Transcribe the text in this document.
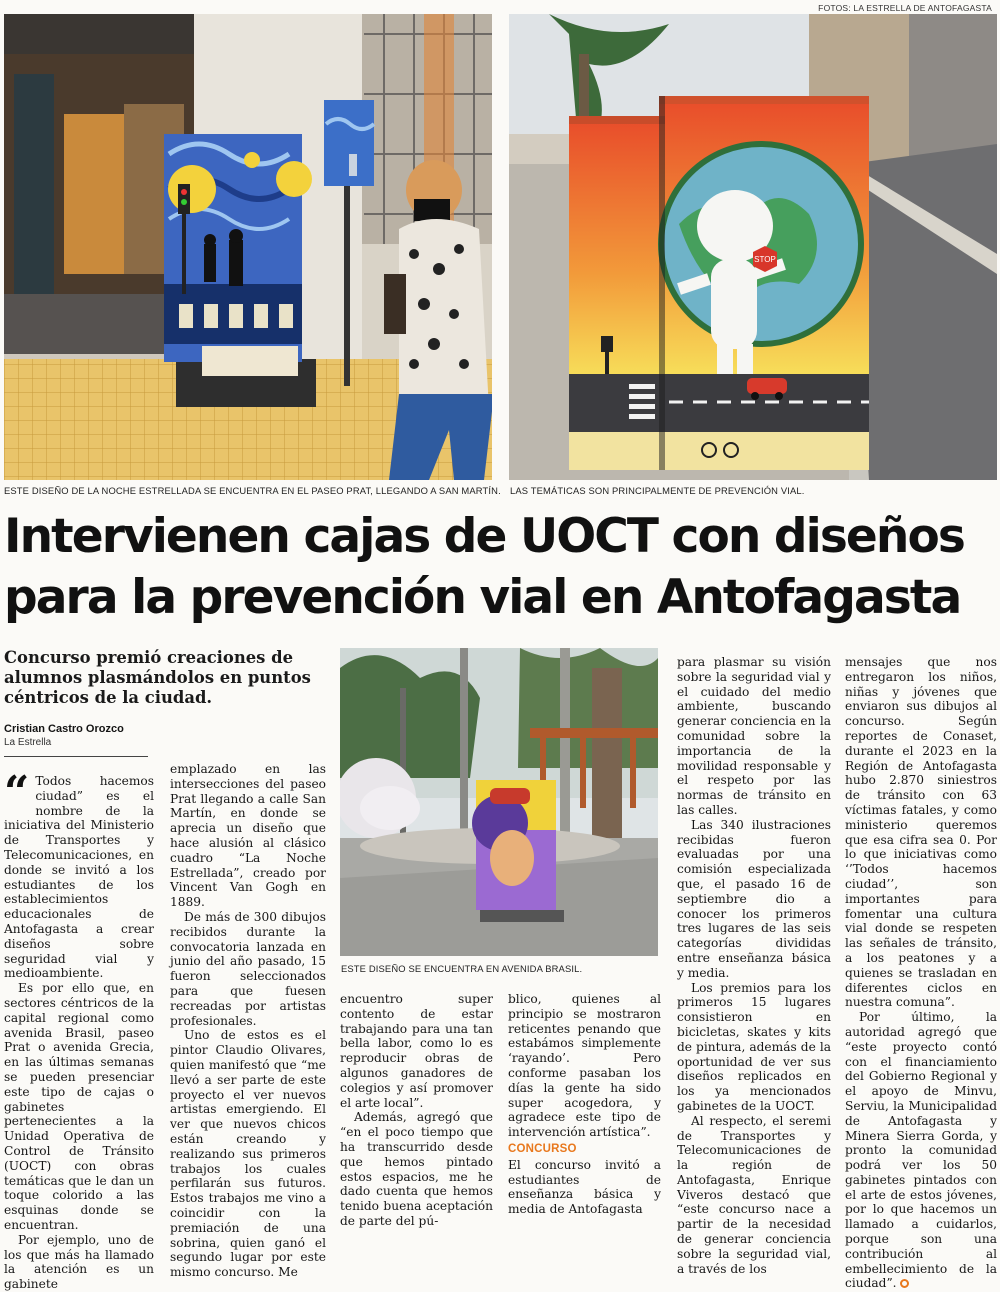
FOTOS: LA ESTRELLA DE ANTOFAGASTA
ESTE DISEÑO DE LA NOCHE ESTRELLADA SE ENCUENTRA EN EL PASEO PRAT, LLEGANDO A SAN MARTÍN.
STOP
LAS TEMÁTICAS SON PRINCIPALMENTE DE PREVENCIÓN VIAL.
Intervienen cajas de UOCT con diseños
para la prevención vial en Antofagasta
Concurso premió creaciones de alumnos plasmándolos en puntos céntricos de la ciudad.
Cristian Castro Orozco
La Estrella
ESTE DISEÑO SE ENCUENTRA EN AVENIDA BRASIL.

“ Todos hacemos ciudad” es el nombre de la iniciativa del Ministerio de Transportes y Telecomunicaciones, en donde se invitó a los estudiantes de los establecimientos educacionales de Antofagasta a crear diseños sobre seguridad vial y medioambiente.

Es por ello que, en sectores céntricos de la capital regional como avenida Brasil, paseo Prat o avenida Grecia, en las últimas semanas se pueden presenciar este tipo de cajas o gabinetes pertenecientes a la Unidad Operativa de Control de Tránsito (UOCT) con obras temáticas que le dan un toque colorido a las esquinas donde se encuentran.

Por ejemplo, uno de los que más ha llamado la atención es un gabinete

emplazado en las intersecciones del paseo Prat llegando a calle San Martín, en donde se aprecia un diseño que hace alusión al clásico cuadro “La Noche Estrellada”, creado por Vincent Van Gogh en 1889.

De más de 300 dibujos recibidos durante la convocatoria lanzada en junio del año pasado, 15 fueron seleccionados para que fuesen recreadas por artistas profesionales.

Uno de estos es el pintor Claudio Olivares, quien manifestó que “me llevó a ser parte de este proyecto el ver nuevos artistas emergiendo. El ver que nuevos chicos están creando y realizando sus primeros trabajos los cuales perfilarán sus futuros. Estos trabajos me vino a coincidir con la premiación de una sobrina, quien ganó el segundo lugar por este mismo concurso. Me

encuentro super contento de estar trabajando para una tan bella labor, como lo es reproducir obras de algunos ganadores de colegios y así promover el arte local”.

Además, agregó que “en el poco tiempo que ha transcurrido desde que hemos pintado estos espacios, me he dado cuenta que hemos tenido buena aceptación de parte del pú-

blico, quienes al principio se mostraron reticentes penando que estabámos simplemente ‘rayando’. Pero conforme pasaban los días la gente ha sido super acogedora, y agradece este tipo de intervención artística”.

CONCURSO

El concurso invitó a estudiantes de enseñanza básica y media de Antofagasta

para plasmar su visión sobre la seguridad vial y el cuidado del medio ambiente, buscando generar conciencia en la comunidad sobre la importancia de la movilidad responsable y el respeto por las normas de tránsito en las calles.

Las 340 ilustraciones recibidas fueron evaluadas por una comisión especializada que, el pasado 16 de septiembre dio a conocer los primeros tres lugares de las seis categorías divididas entre enseñanza básica y media.

Los premios para los primeros 15 lugares consistieron en bicicletas, skates y kits de pintura, además de la oportunidad de ver sus diseños replicados en los ya mencionados gabinetes de la UOCT.

Al respecto, el seremi de Transportes y Telecomunicaciones de la región de Antofagasta, Enrique Viveros destacó que “este concurso nace a partir de la necesidad de generar conciencia sobre la seguridad vial, a través de los

mensajes que nos entregaron los niños, niñas y jóvenes que enviaron sus dibujos al concurso. Según reportes de Conaset, durante el 2023 en la Región de Antofagasta hubo 2.870 siniestros de tránsito con 63 víctimas fatales, y como ministerio queremos que esa cifra sea 0. Por lo que iniciativas como ‘’Todos hacemos ciudad’’, son importantes para fomentar una cultura vial donde se respeten las señales de tránsito, a los peatones y a quienes se trasladan en diferentes ciclos en nuestra comuna”.

Por último, la autoridad agregó que “este proyecto contó con el financiamiento del Gobierno Regional y el apoyo de Minvu, Serviu, la Municipalidad de Antofagasta y Minera Sierra Gorda, y pronto la comunidad podrá ver los 50 gabinetes pintados con el arte de estos jóvenes, por lo que hacemos un llamado a cuidarlos, porque son una contribución al embellecimiento de la ciudad”.
